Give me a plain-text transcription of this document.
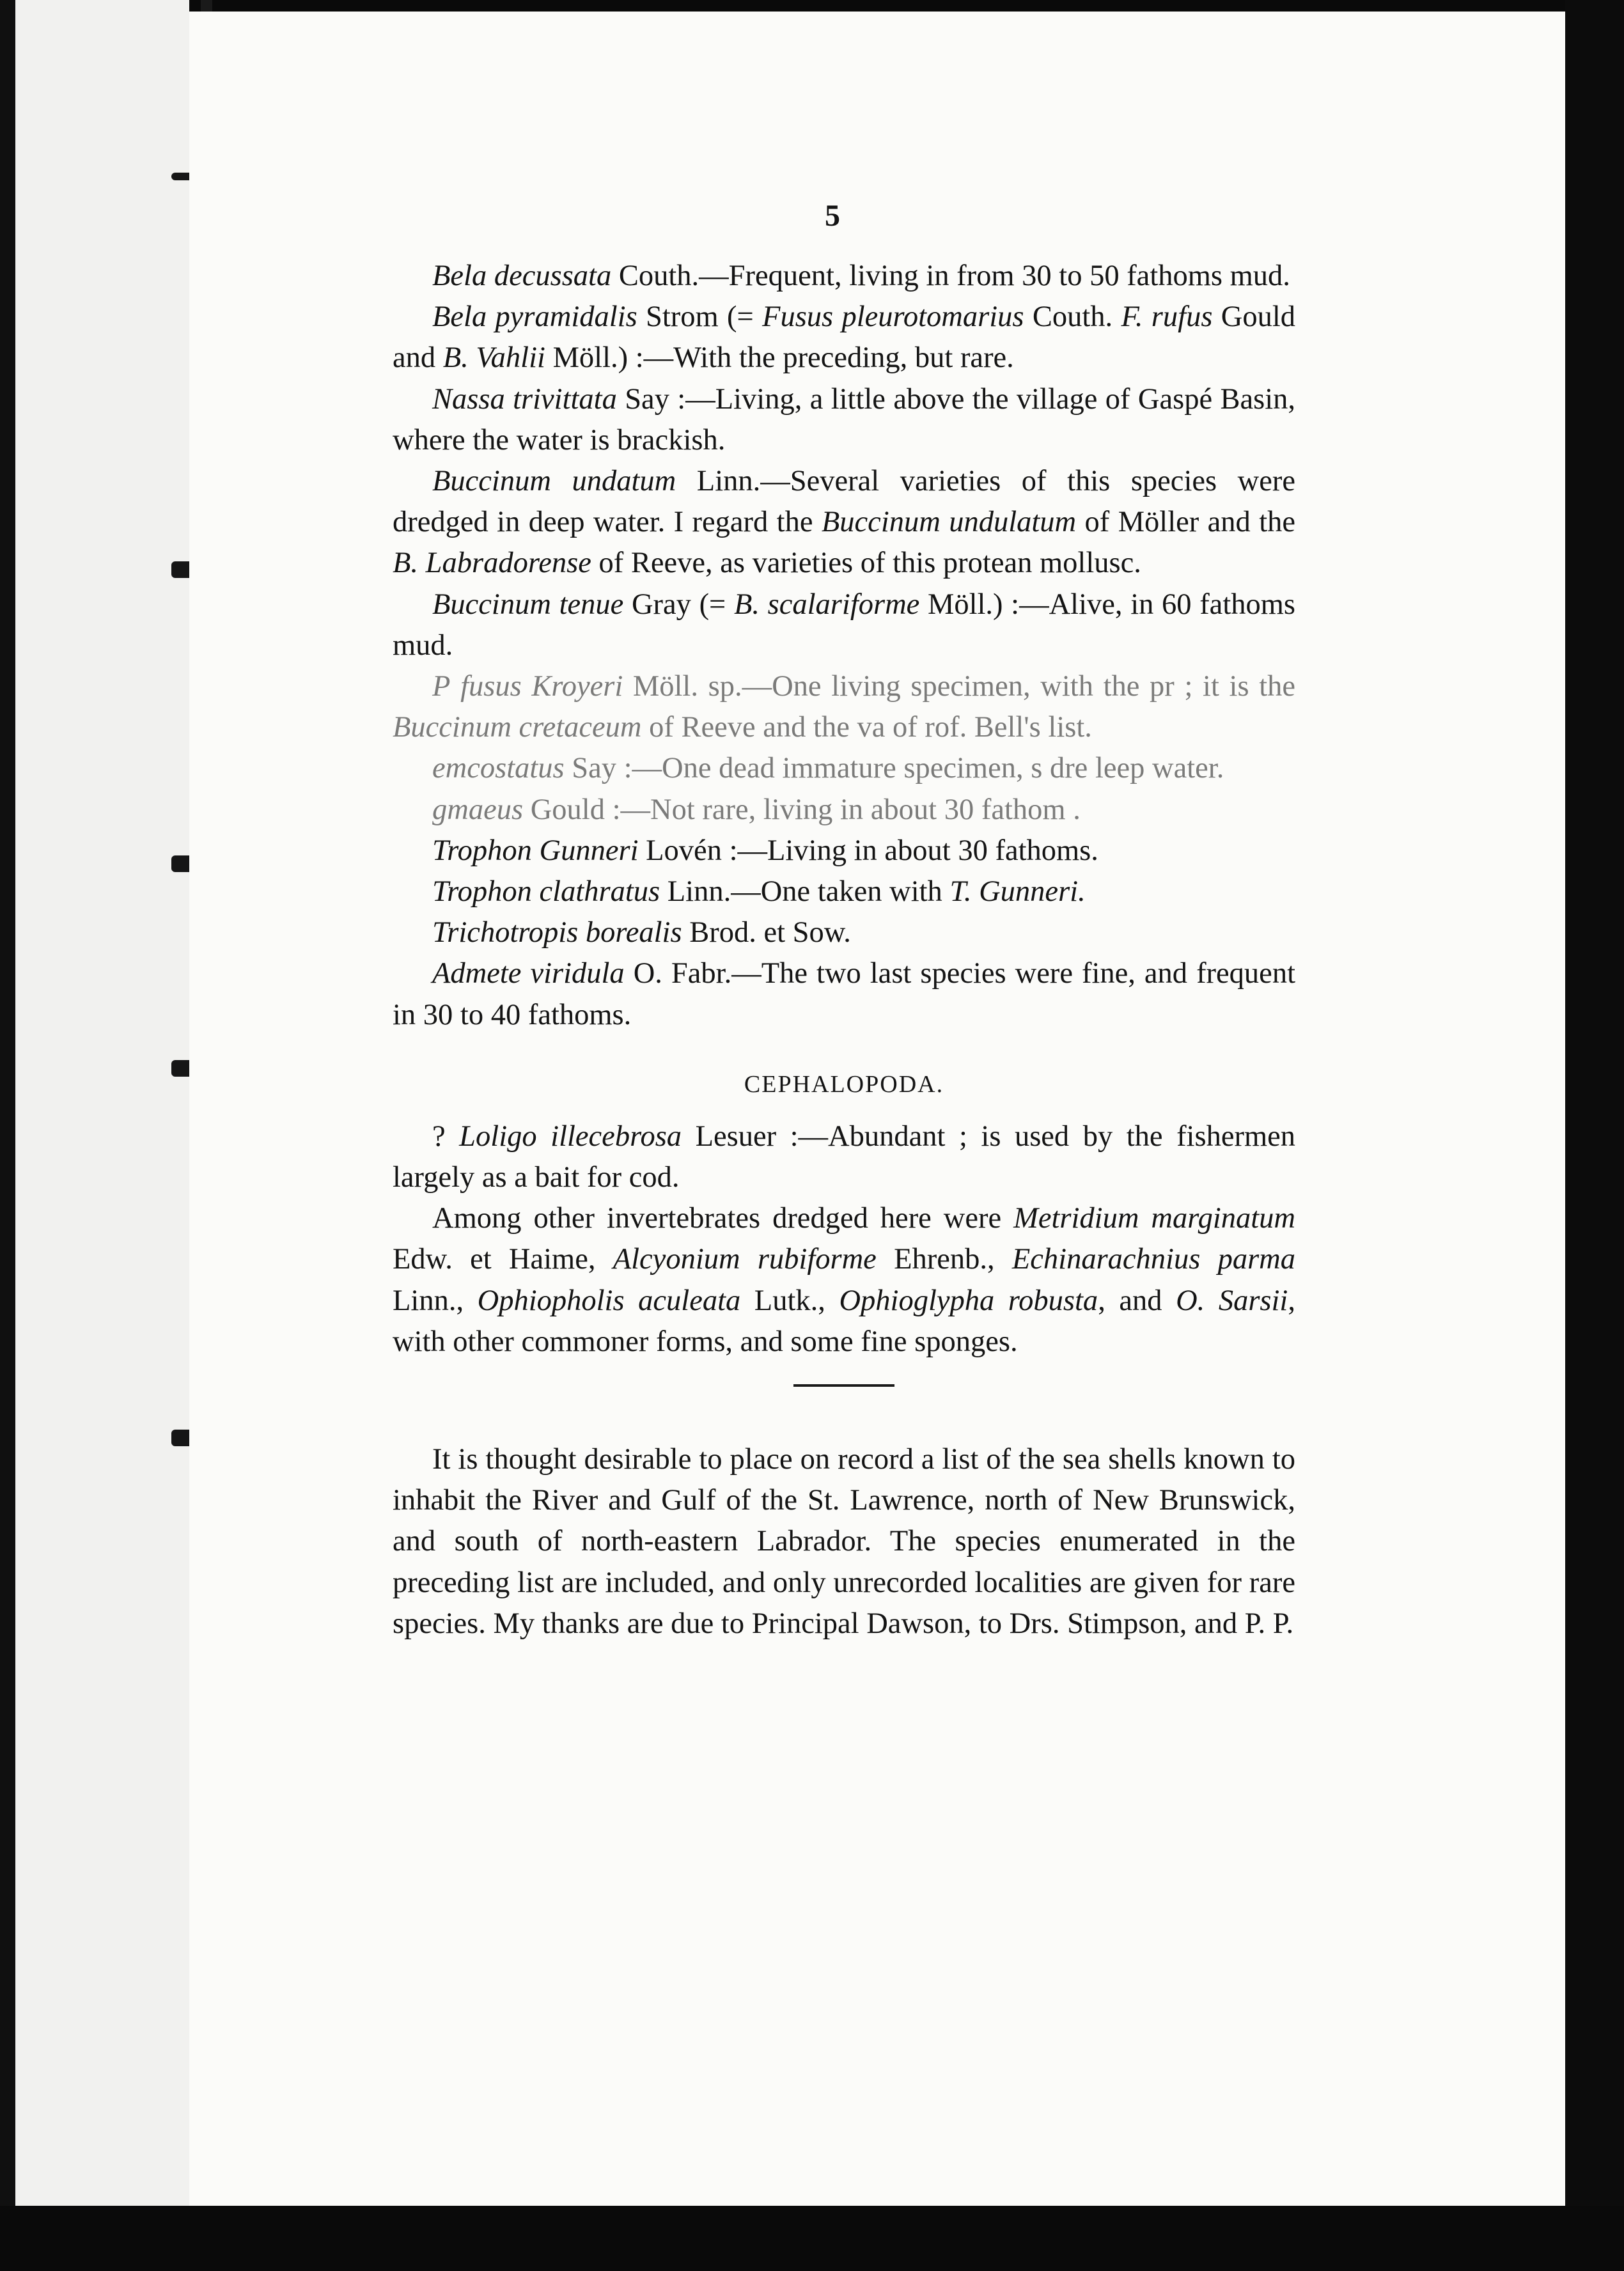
5

Bela decussata Couth.—Frequent, living in from 30 to 50 fathoms mud.

Bela pyramidalis Strom (= Fusus pleurotomarius Couth. F. rufus Gould and B. Vahlii Möll.) :—With the preceding, but rare.

Nassa trivittata Say :—Living, a little above the village of Gaspé Basin, where the water is brackish.

Buccinum undatum Linn.—Several varieties of this species were dredged in deep water. I regard the Buccinum undulatum of Möller and the B. Labradorense of Reeve, as varieties of this protean mollusc.

Buccinum tenue Gray (= B. scalariforme Möll.) :—Alive, in 60 fathoms mud.

P fusus Kroyeri Möll. sp.—One living specimen, with the pr ; it is the Buccinum cretaceum of Reeve and the va of rof. Bell's list.

emcostatus Say :—One dead immature specimen, s dre leep water.

gmaeus Gould :—Not rare, living in about 30 fathom .

Trophon Gunneri Lovén :—Living in about 30 fathoms.

Trophon clathratus Linn.—One taken with T. Gunneri.

Trichotropis borealis Brod. et Sow.

Admete viridula O. Fabr.—The two last species were fine, and frequent in 30 to 40 fathoms.

CEPHALOPODA.

? Loligo illecebrosa Lesuer :—Abundant ; is used by the fishermen largely as a bait for cod.

Among other invertebrates dredged here were Metridium marginatum Edw. et Haime, Alcyonium rubiforme Ehrenb., Echinarachnius parma Linn., Ophiopholis aculeata Lutk., Ophioglypha robusta, and O. Sarsii, with other commoner forms, and some fine sponges.

It is thought desirable to place on record a list of the sea shells known to inhabit the River and Gulf of the St. Lawrence, north of New Brunswick, and south of north-eastern Labrador. The species enumerated in the preceding list are included, and only unrecorded localities are given for rare species. My thanks are due to Principal Dawson, to Drs. Stimpson, and P. P.
